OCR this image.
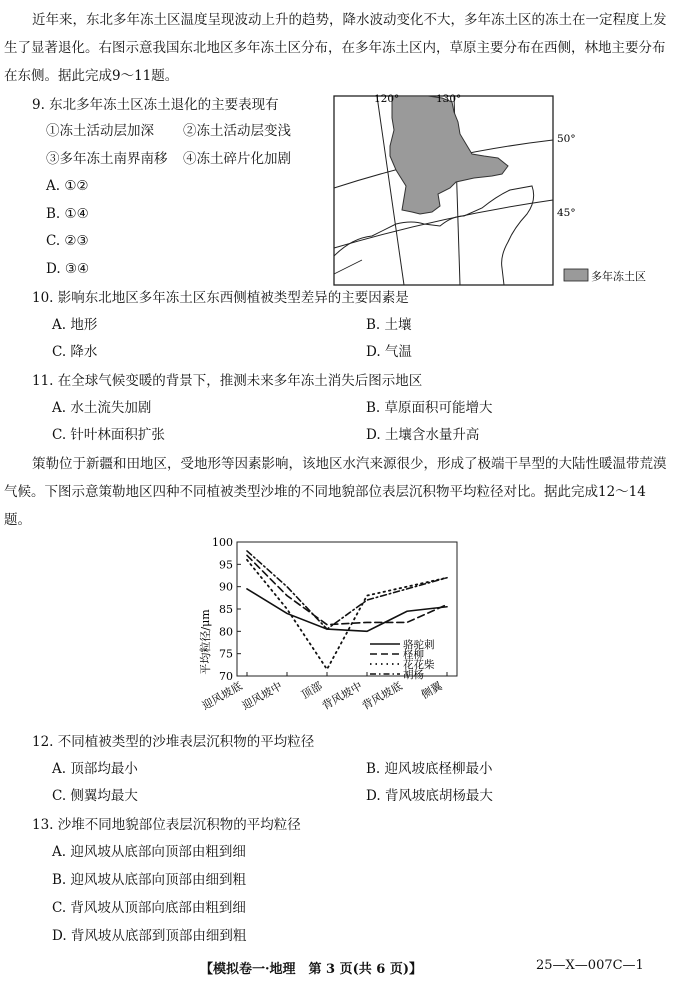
近年来，东北多年冻土区温度呈现波动上升的趋势，降水波动变化不大，多年冻土区的冻土在一定程度上发生了显著退化。右图示意我国东北地区多年冻土区分布，在多年冻土区内，草原主要分布在西侧，林地主要分布在东侧。据此完成9～11题。
9. 东北多年冻土区冻土退化的主要表现有
①冻土活动层加深 ②冻土活动层变浅
③多年冻土南界南移 ④冻土碎片化加剧
A. ①②
B. ①④
C. ②③
D. ③④
120°	130°
50°
45°
多年冻土区
10. 影响东北地区多年冻土区东西侧植被类型差异的主要因素是
A. 地形	B. 土壤
C. 降水	D. 气温
11. 在全球气候变暖的背景下，推测未来多年冻土消失后图示地区
A. 水土流失加剧	B. 草原面积可能增大
C. 针叶林面积扩张	D. 土壤含水量升高
策勒位于新疆和田地区，受地形等因素影响，该地区水汽来源很少，形成了极端干旱型的大陆性暖温带荒漠气候。下图示意策勒地区四种不同植被类型沙堆的不同地貌部位表层沉积物平均粒径对比。据此完成12～14题。
平均粒径/μm
70
75
80
85
90
95
100
骆驼刺
柽柳
花花柴
胡杨
迎风坡底
迎风坡中 顶部
背风坡中
背风坡底 侧翼
12. 不同植被类型的沙堆表层沉积物的平均粒径
A. 顶部均最小	B. 迎风坡底柽柳最小
C. 侧翼均最大	D. 背风坡底胡杨最大
13. 沙堆不同地貌部位表层沉积物的平均粒径
A. 迎风坡从底部向顶部由粗到细
B. 迎风坡从底部向顶部由细到粗
C. 背风坡从顶部向底部由粗到细
D. 背风坡从底部到顶部由细到粗
【模拟卷一·地理　第 3 页(共 6 页)】	25—X—007C—1
